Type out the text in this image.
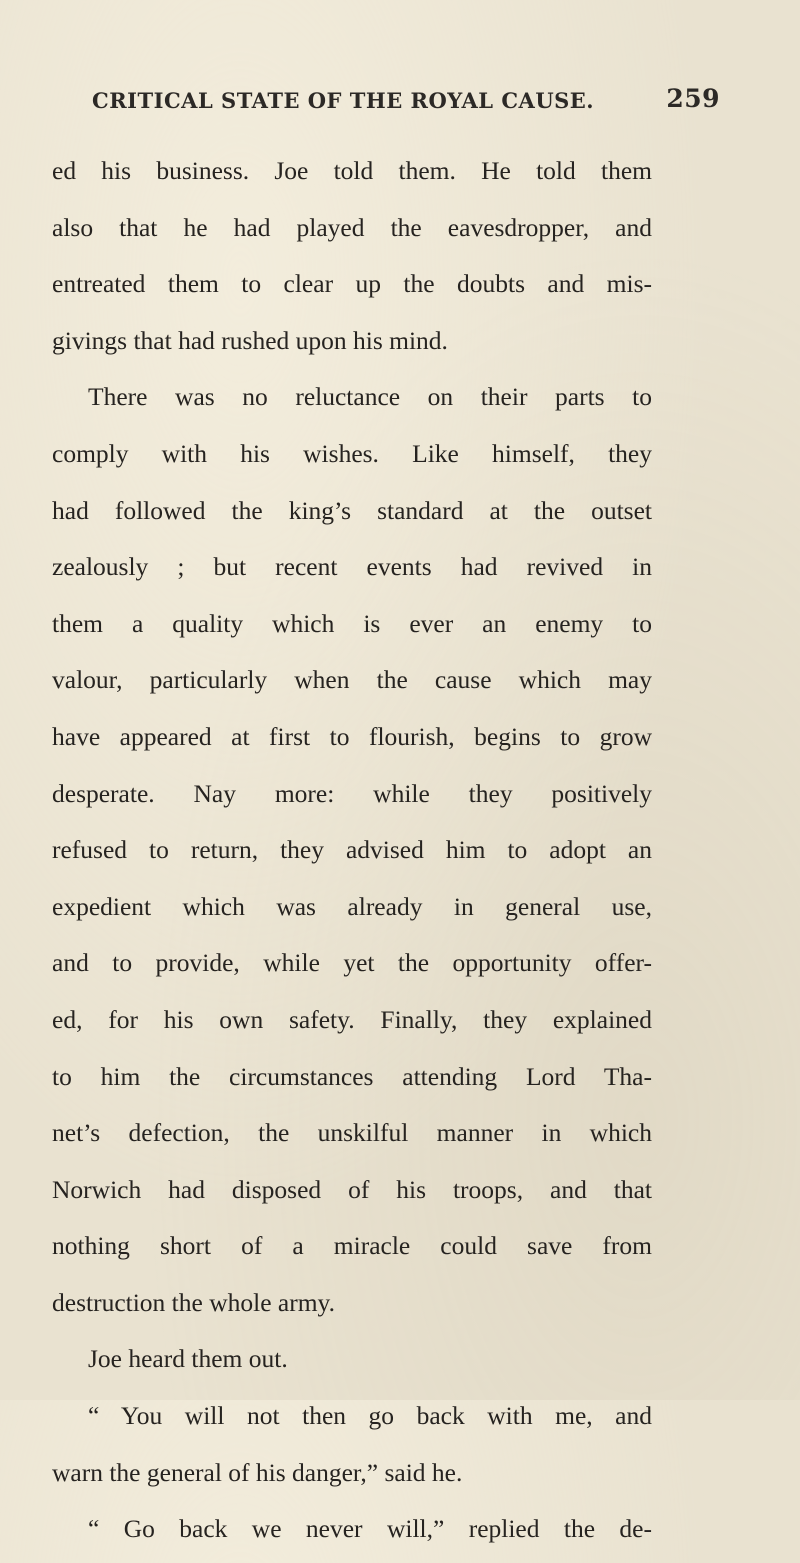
CRITICAL STATE OF THE ROYAL CAUSE.	259
ed his business. Joe told them. He told them
also that he had played the eavesdropper, and
entreated them to clear up the doubts and mis-
givings that had rushed upon his mind.
There was no reluctance on their parts to
comply with his wishes. Like himself, they
had followed the king’s standard at the outset
zealously ; but recent events had revived in
them a quality which is ever an enemy to
valour, particularly when the cause which may
have appeared at first to flourish, begins to grow
desperate. Nay more: while they positively
refused to return, they advised him to adopt an
expedient which was already in general use,
and to provide, while yet the opportunity offer-
ed, for his own safety. Finally, they explained
to him the circumstances attending Lord Tha-
net’s defection, the unskilful manner in which
Norwich had disposed of his troops, and that
nothing short of a miracle could save from
destruction the whole army.
Joe heard them out.
“ You will not then go back with me, and
warn the general of his danger,” said he.
“ Go back we never will,” replied the de-
